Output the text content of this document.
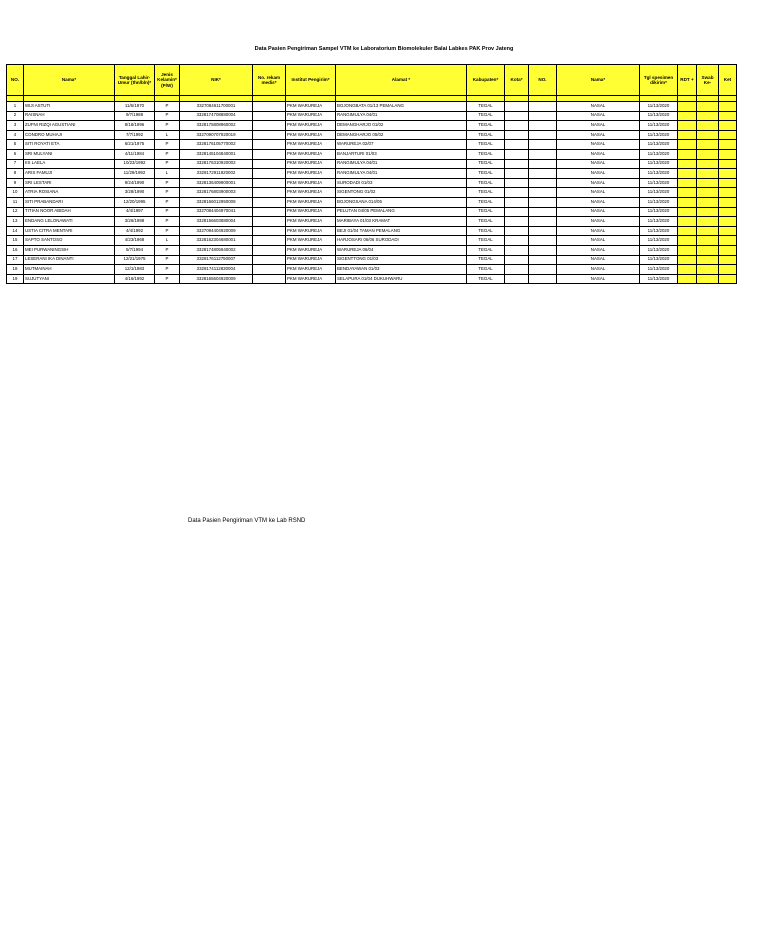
Data Pasien Pengiriman Sampel VTM ke Laboratorium Biomolekuler Balai Labkes PAK Prov Jateng
NO.	Nama*	Tanggal Lahir-Umur (thn/bln)*	Jenis Kelamin* (P/W)	NIK*	No. rekam medis*	Institut Pengirim*	Alamat *	Kabupaten*	Kota*	NO.	Nama*	Tgl spesimen dikirim*	RDT +	Swab Ke-	Ket

1	WIJI ASTUTI	11/6/1970	P	3327084611700001		PKM WARUREJA	BOJONGBATA 01/13 PEMALANG	TEGAL			NASAL	11/13/2020			
2	RAISNAH	9/7/1988	P	3328174708880004		PKM WARUREJA	RANGIMULYA 04/01	TEGAL			NASAL	11/13/2020			
3	ZUFNI RIZQI AGUSTIANI	8/18/1996	P	3328175808960002		PKM WARUREJA	DEMANGHARJO 01/02	TEGAL			NASAL	11/13/2020			
4	CONDRO MUHAJI	7/7/1992	L	3327090707920019		PKM WARUREJA	DEMANGHARJO 05/02	TEGAL			NASAL	11/13/2020			
5	SITI ROYATI ETA	6/21/1975	P	3328176105770002		PKM WARUREJA	WARUREJA 02/07	TEGAL			NASAL	11/13/2020			
6	SRI MULYANI	4/11/1984	P	3328145104840001		PKM WARUREJA	BANJARTURI 01/03	TEGAL			NASAL	11/13/2020			
7	IIS LAELA	10/23/1992	P	3328176310920002		PKM WARUREJA	RANGIMULYA 04/01	TEGAL			NASAL	11/13/2020			
8	ARIS FAMUJI	11/29/1992	L	3328172911920002		PKM WARUREJA	RANGIMULYA 04/01	TEGAL			NASAL	11/13/2020			
9	SRI LESTARI	9/24/1990	P	3328136409900001		PKM WARUREJA	SURODADI 01/03	TEGAL			NASAL	11/13/2020			
10	ATRIA ROSIANA	3/28/1990	P	3328176803900003		PKM WARUREJA	SIGENTONG 01/02	TEGAL			NASAL	11/13/2020			
11	SITI PRABANDARI	12/20/1995	P	3328166012950008		PKM WARUREJA	BOJONGSANA 014/05	TEGAL			NASAL	11/13/2020			
12	TITIAN NOOR ABIDAH	4/4/1997	P	3327084404970041		PKM WARUREJA	PELUTAN 04/05 PEMALANG	TEGAL			NASAL	11/13/2020			
13	ENDANG LELONAWATI	3/26/1988	P	3328156603880004		PKM WARUREJA	MARIBAYA 01/03 KRAMAT	TEGAL			NASAL	11/13/2020			
14	USTIA CITRA MENTARI	4/4/1992	P	3327094404920009		PKM WARUREJA	BEJI 01/04 TAMAN PEMALANG	TEGAL			NASAL	11/13/2020			
15	SAPTO SANTOSO	4/23/1968	L	3328162304680001		PKM WARUREJA	HARJOSARI 06/06 SURODADI	TEGAL			NASAL	11/13/2020			
16	MEI PURWANINGSIH	5/7/1994	P	3328174805940002		PKM WARUREJA	WARUREJA 06/04	TEGAL			NASAL	11/13/2020			
17	LESERANI IKA DINANTI	12/21/1975	P	3328176112750007		PKM WARUREJA	SIGENTTONG 01/03	TEGAL			NASAL	11/13/2020			
18	MUTMAINAH	12/1/1983	P	3328174112830004		PKM WARUREJA	BENDAYAWAN 01/03	TEGAL			NASAL	11/13/2020			
19	SUJUTYANI	4/16/1992	P	3328165604920009		PKM WARUREJA	SELAPURA 01/04 DUKUHWARU	TEGAL			NASAL	11/13/2020			
Data Pasien Pengiriman VTM ke Lab RSND
